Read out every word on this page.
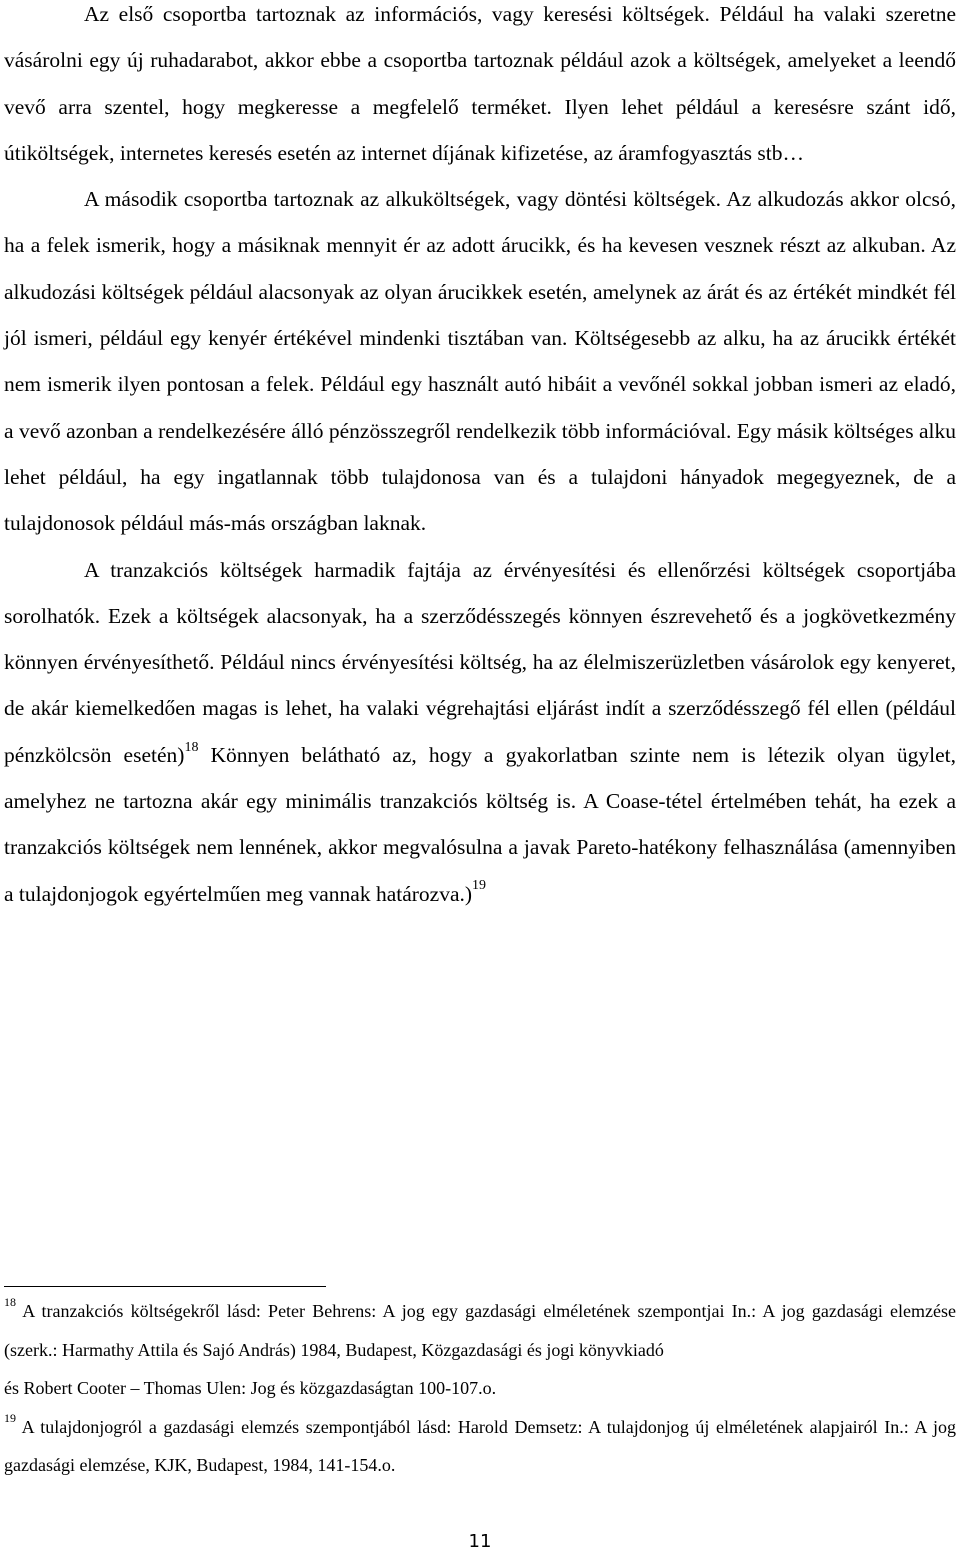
Az első csoportba tartoznak az információs, vagy keresési költségek. Például ha valaki szeretne vásárolni egy új ruhadarabot, akkor ebbe a csoportba tartoznak például azok a költségek, amelyeket a leendő vevő arra szentel, hogy megkeresse a megfelelő terméket. Ilyen lehet például a keresésre szánt idő, útiköltségek, internetes keresés esetén az internet díjának kifizetése, az áramfogyasztás stb…

A második csoportba tartoznak az alkuköltségek, vagy döntési költségek. Az alkudozás akkor olcsó, ha a felek ismerik, hogy a másiknak mennyit ér az adott árucikk, és ha kevesen vesznek részt az alkuban. Az alkudozási költségek például alacsonyak az olyan árucikkek esetén, amelynek az árát és az értékét mindkét fél jól ismeri, például egy kenyér értékével mindenki tisztában van. Költségesebb az alku, ha az árucikk értékét nem ismerik ilyen pontosan a felek. Például egy használt autó hibáit a vevőnél sokkal jobban ismeri az eladó, a vevő azonban a rendelkezésére álló pénzösszegről rendelkezik több információval. Egy másik költséges alku lehet például, ha egy ingatlannak több tulajdonosa van és a tulajdoni hányadok megegyeznek, de a tulajdonosok például más-más országban laknak.

A tranzakciós költségek harmadik fajtája az érvényesítési és ellenőrzési költségek csoportjába sorolhatók. Ezek a költségek alacsonyak, ha a szerződésszegés könnyen észrevehető és a jogkövetkezmény könnyen érvényesíthető. Például nincs érvényesítési költség, ha az élelmiszerüzletben vásárolok egy kenyeret, de akár kiemelkedően magas is lehet, ha valaki végrehajtási eljárást indít a szerződésszegő fél ellen (például pénzkölcsön esetén)$^{18}$ Könnyen belátható az, hogy a gyakorlatban szinte nem is létezik olyan ügylet, amelyhez ne tartozna akár egy minimális tranzakciós költség is. A Coase-tétel értelmében tehát, ha ezek a tranzakciós költségek nem lennének, akkor megvalósulna a javak Pareto-hatékony felhasználása (amennyiben a tulajdonjogok egyértelműen meg vannak határozva.)$^{19}$

$^{18}$ A tranzakciós költségekről lásd: Peter Behrens: A jog egy gazdasági elméletének szempontjai In.: A jog gazdasági elemzése (szerk.: Harmathy Attila és Sajó András) 1984, Budapest, Közgazdasági és jogi könyvkiadó

és Robert Cooter – Thomas Ulen: Jog és közgazdaságtan 100-107.o.

$^{19}$ A tulajdonjogról a gazdasági elemzés szempontjából lásd: Harold Demsetz: A tulajdonjog új elméletének alapjairól In.: A jog gazdasági elemzése, KJK, Budapest, 1984, 141-154.o.

11
